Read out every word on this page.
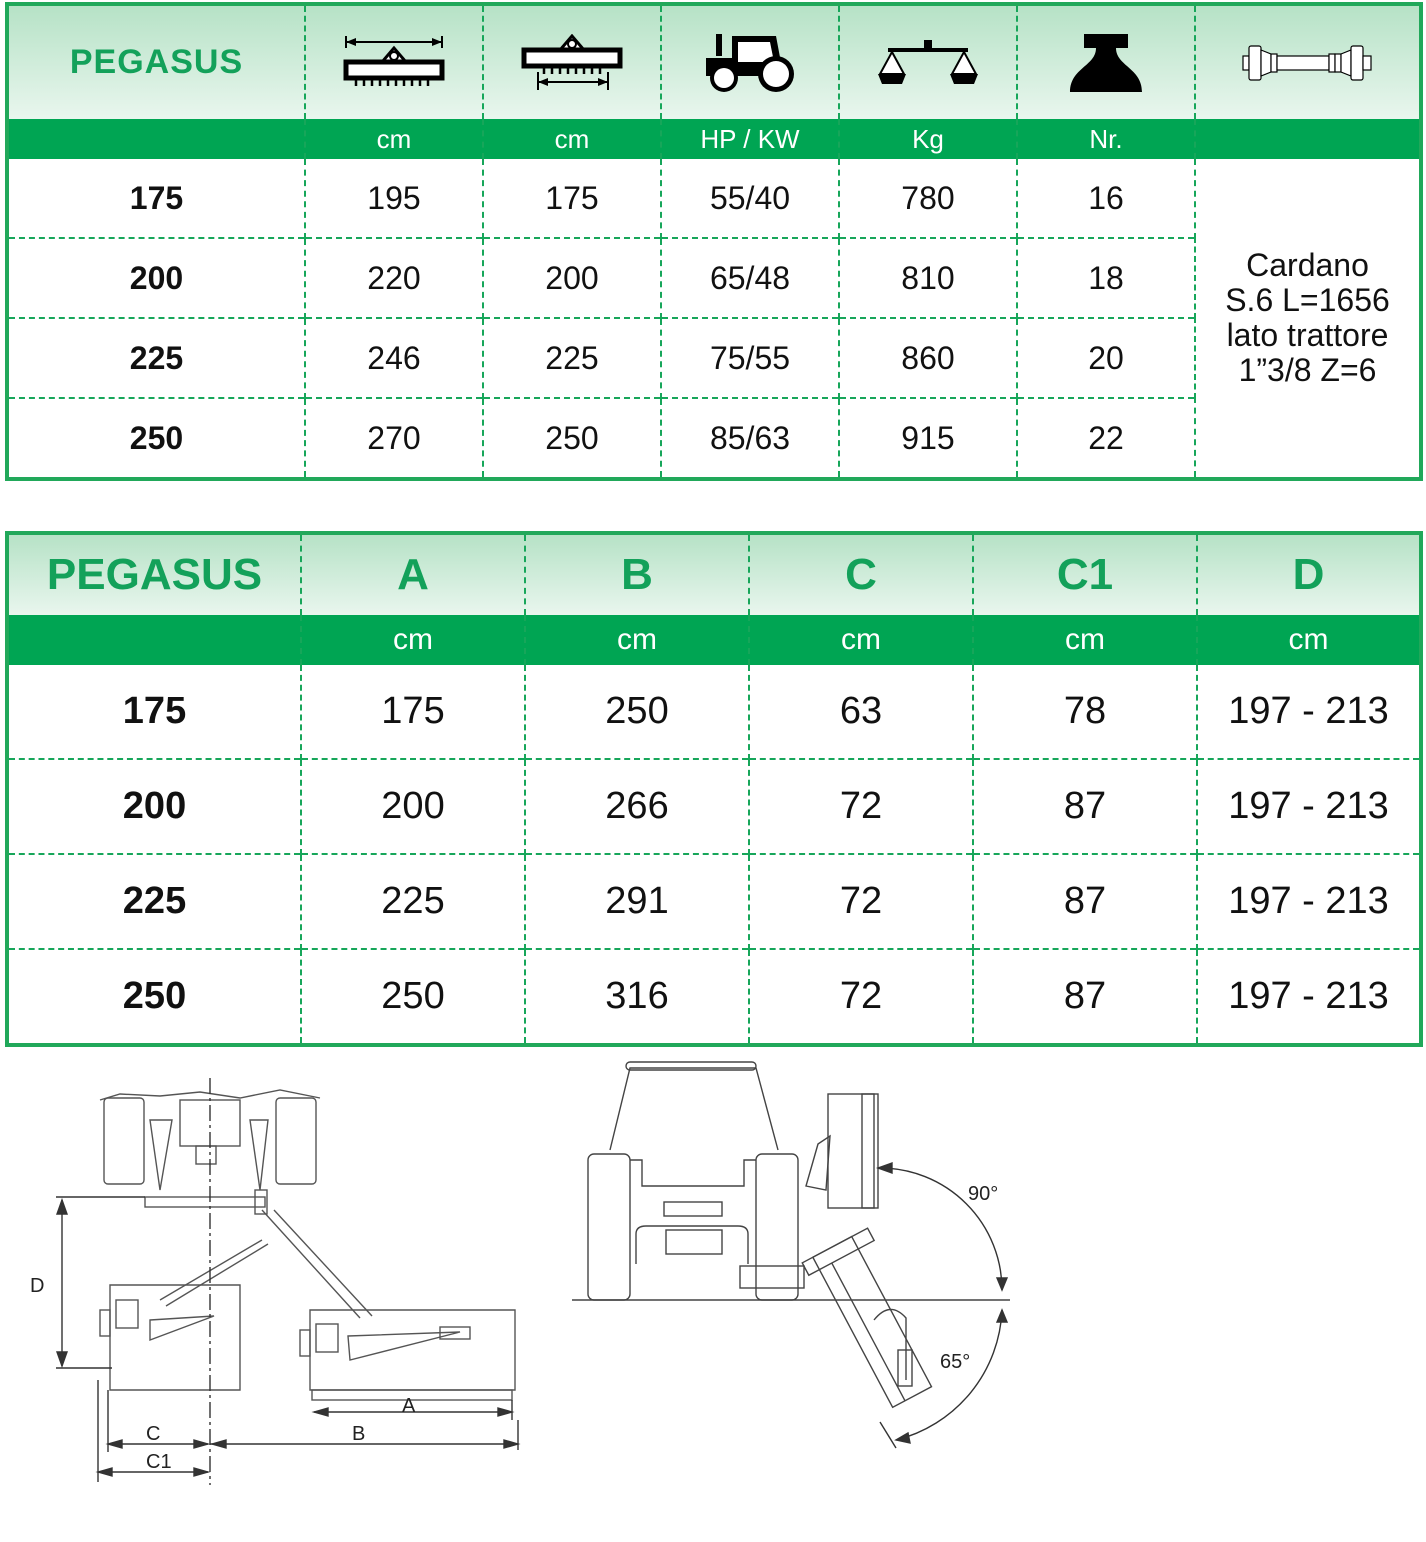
PEGASUS	

	cm	cm	HP / KW	Kg	Nr.	
175	195	175	55/40	780	16	Cardano
S.6 L=1656
lato trattore
1”3/8 Z=6

200	220	200	65/48	810	18	
225	246	225	75/55	860	20	
250	270	250	85/63	915	22	
PEGASUS	A	B	C	C1	D
	cm	cm	cm	cm	cm
175	175	250	63	78	197 - 213
200	200	266	72	87	197 - 213
225	225	291	72	87	197 - 213
250	250	316	72	87	197 - 213
D
A
B
C
C1
90°
65°
